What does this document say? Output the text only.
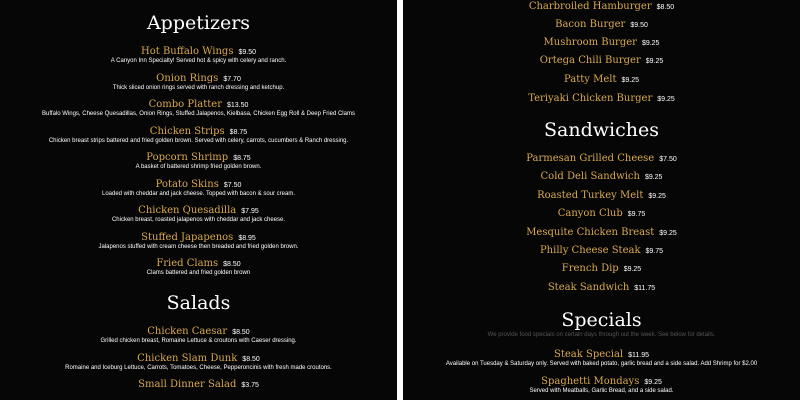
Appetizers
Hot Buffalo Wings $9.50
A Canyon Inn Specialty! Served hot & spicy with celery and ranch.
Onion Rings $7.70
Thick sliced onion rings served with ranch dressing and ketchup.
Combo Platter $13.50
Buffalo Wings, Cheese Quesadillas, Onion Rings, Stuffed Jalapenos, Kielbasa, Chicken Egg Roll & Deep Fried Clams
Chicken Strips $8.75
Chicken breast strips battered and fried golden brown. Served with celery, carrots, cucumbers & Ranch dressing.
Popcorn Shrimp $8.75
A basket of battered shrimp fried golden brown.
Potato Skins $7.50
Loaded with cheddar and jack cheese. Topped with bacon & sour cream.
Chicken Quesadilla $7.95
Chicken breast, roasted jalapenos with cheddar and jack cheese.
Stuffed Japapenos $8.95
Jalapenos stuffed with cream cheese then breaded and fried golden brown.
Fried Clams $8.50
Clams battered and fried golden brown
Salads
Chicken Caesar $8.50
Grilled chicken breast, Romaine Lettuce & croutons with Caeser dressing.
Chicken Slam Dunk $8.50
Romaine and Iceburg Lettuce, Carrots, Tomatoes, Cheese, Pepperoncinis with fresh made croutons.
Small Dinner Salad $3.75
Charbroiled Hamburger $8.50
Bacon Burger $9.50
Mushroom Burger $9.25
Ortega Chili Burger $9.25
Patty Melt $9.25
Teriyaki Chicken Burger $9.25
Sandwiches
Parmesan Grilled Cheese $7.50
Cold Deli Sandwich $9.25
Roasted Turkey Melt $9.25
Canyon Club $9.75
Mesquite Chicken Breast $9.25
Philly Cheese Steak $9.75
French Dip $9.25
Steak Sandwich $11.75
Specials
We provide food specials on certain days through out the week. See below for details.
Steak Special $11.95
Available on Tuesday & Saturday only. Served with baked potato, garlic bread and a side salad. Add Shrimp for $2.00
Spaghetti Mondays $9.25
Served with Meatballs, Garlic Bread, and a side salad.
